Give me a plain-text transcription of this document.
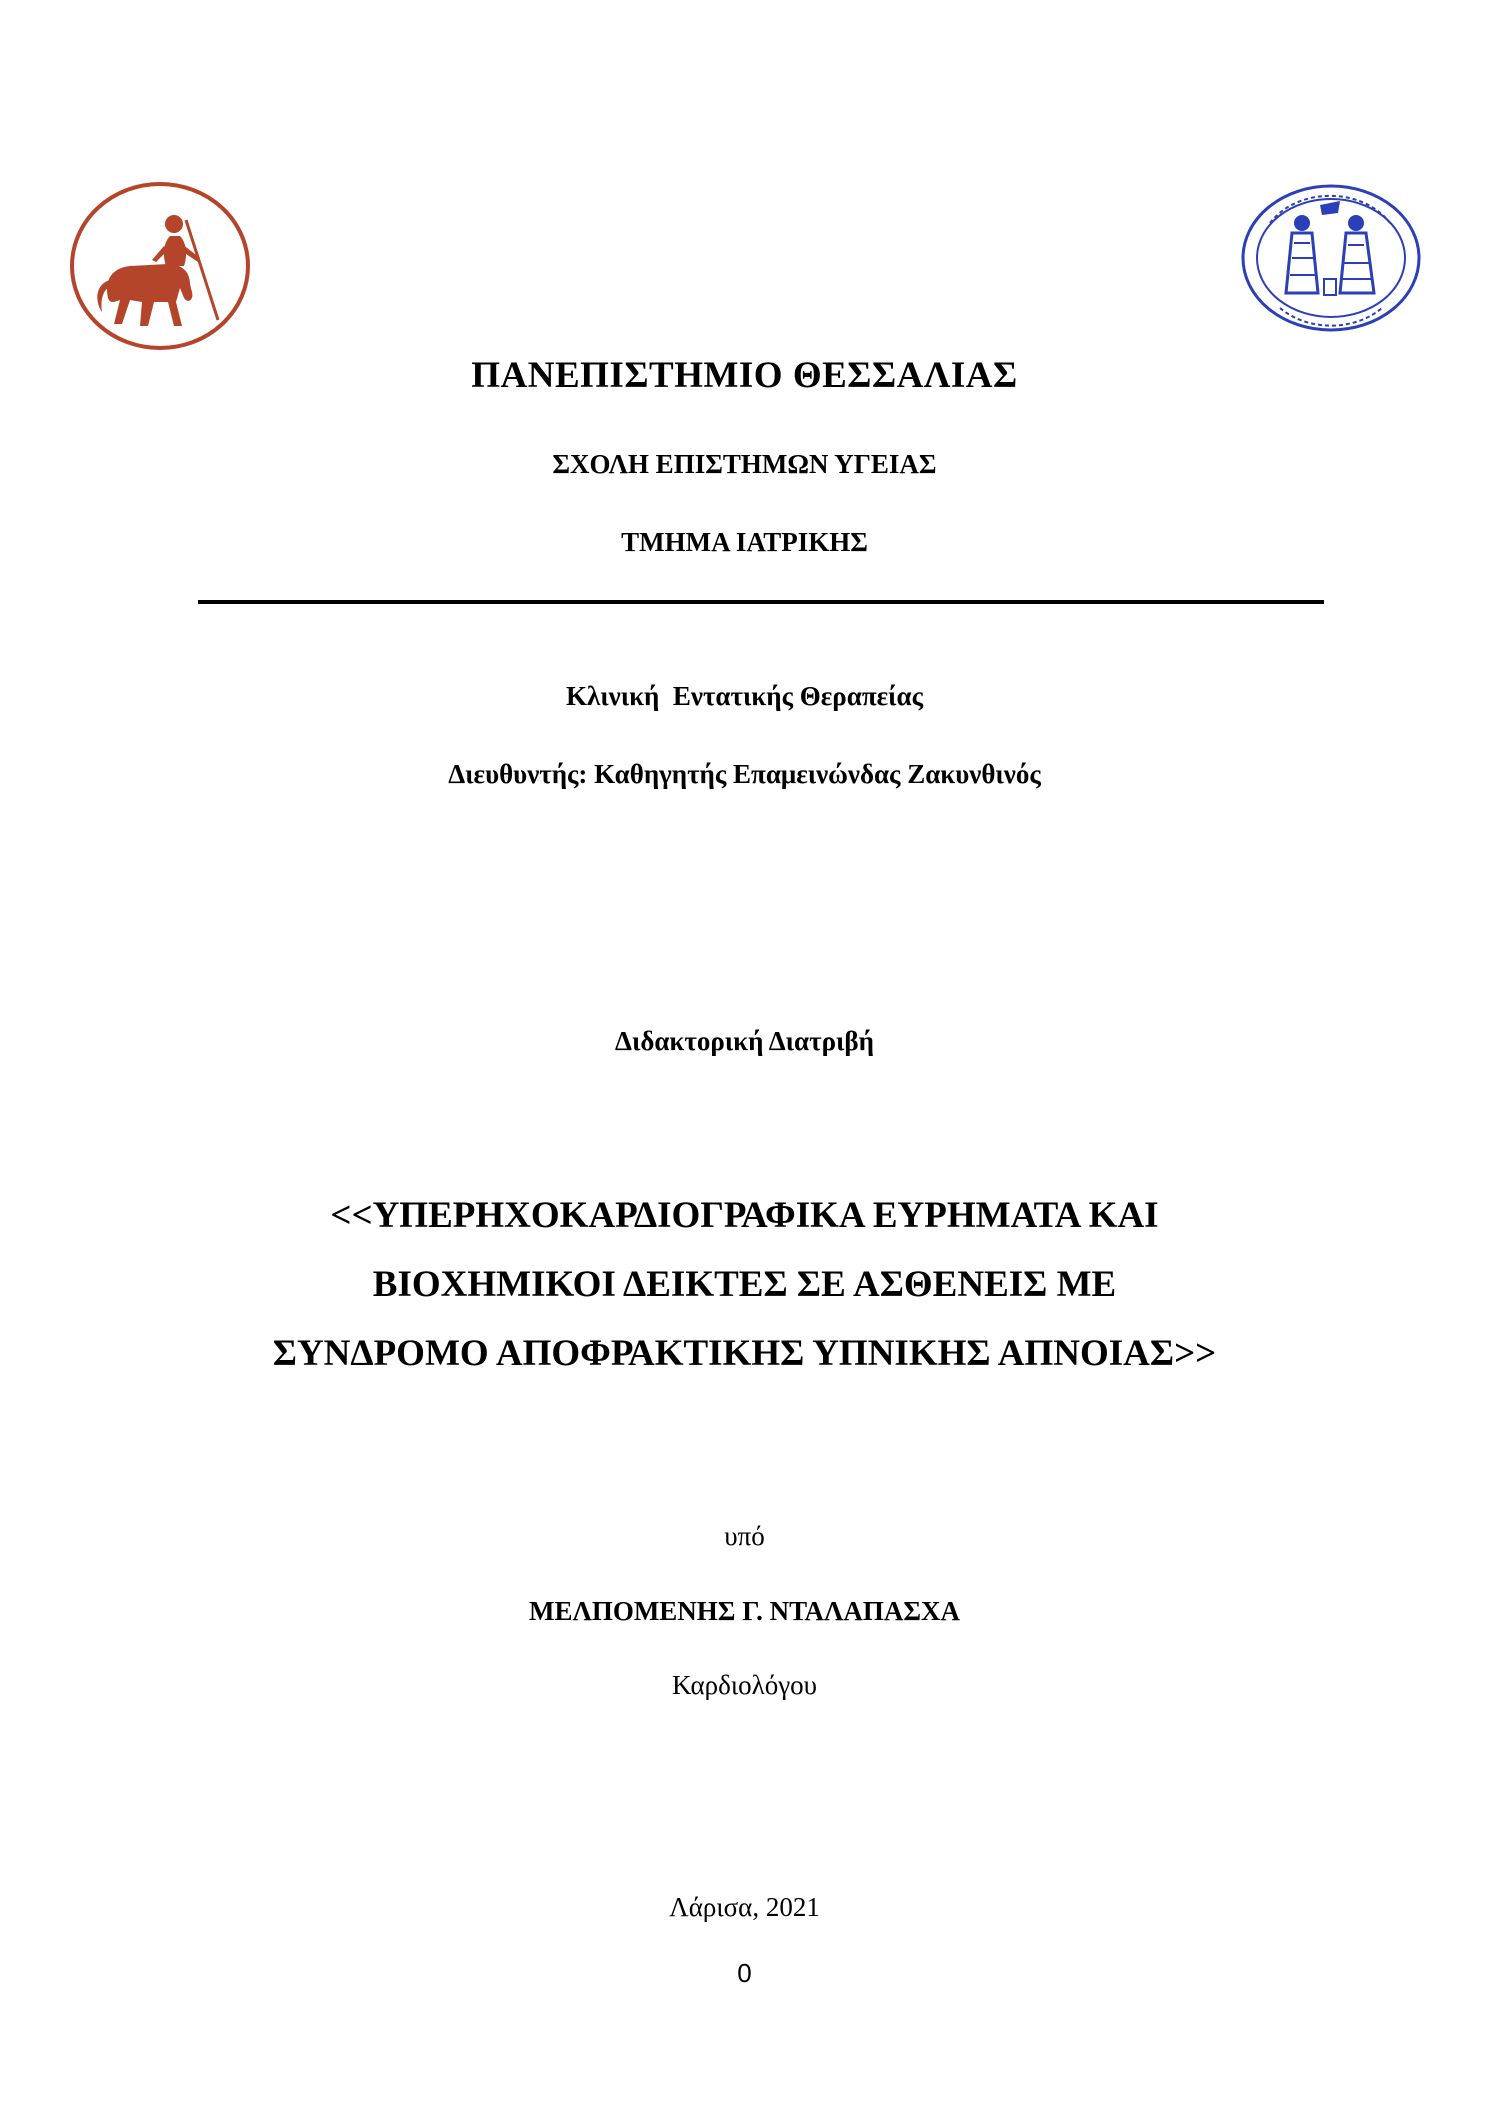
ΠΑΝΕΠΙΣΤΗΜΙΟ ΘΕΣΣΑΛΙΑΣ
ΣΧΟΛΗ ΕΠΙΣΤΗΜΩΝ ΥΓΕΙΑΣ
ΤΜΗΜΑ ΙΑΤΡΙΚΗΣ
Κλινική  Εντατικής Θεραπείας
Διευθυντής: Καθηγητής Επαμεινώνδας Ζακυνθινός
Διδακτορική Διατριβή
<<ΥΠΕΡΗΧΟΚΑΡΔΙΟΓΡΑΦΙΚΑ ΕΥΡΗΜΑΤΑ ΚΑΙ
ΒΙΟΧΗΜΙΚΟΙ ΔΕΙΚΤΕΣ ΣΕ ΑΣΘΕΝΕΙΣ ΜΕ
ΣΥΝΔΡΟΜΟ ΑΠΟΦΡΑΚΤΙΚΗΣ ΥΠΝΙΚΗΣ ΑΠΝΟΙΑΣ>>
υπό
ΜΕΛΠΟΜΕΝΗΣ Γ. ΝΤΑΛΑΠΑΣΧΑ
Καρδιολόγου
Λάρισα, 2021
0
